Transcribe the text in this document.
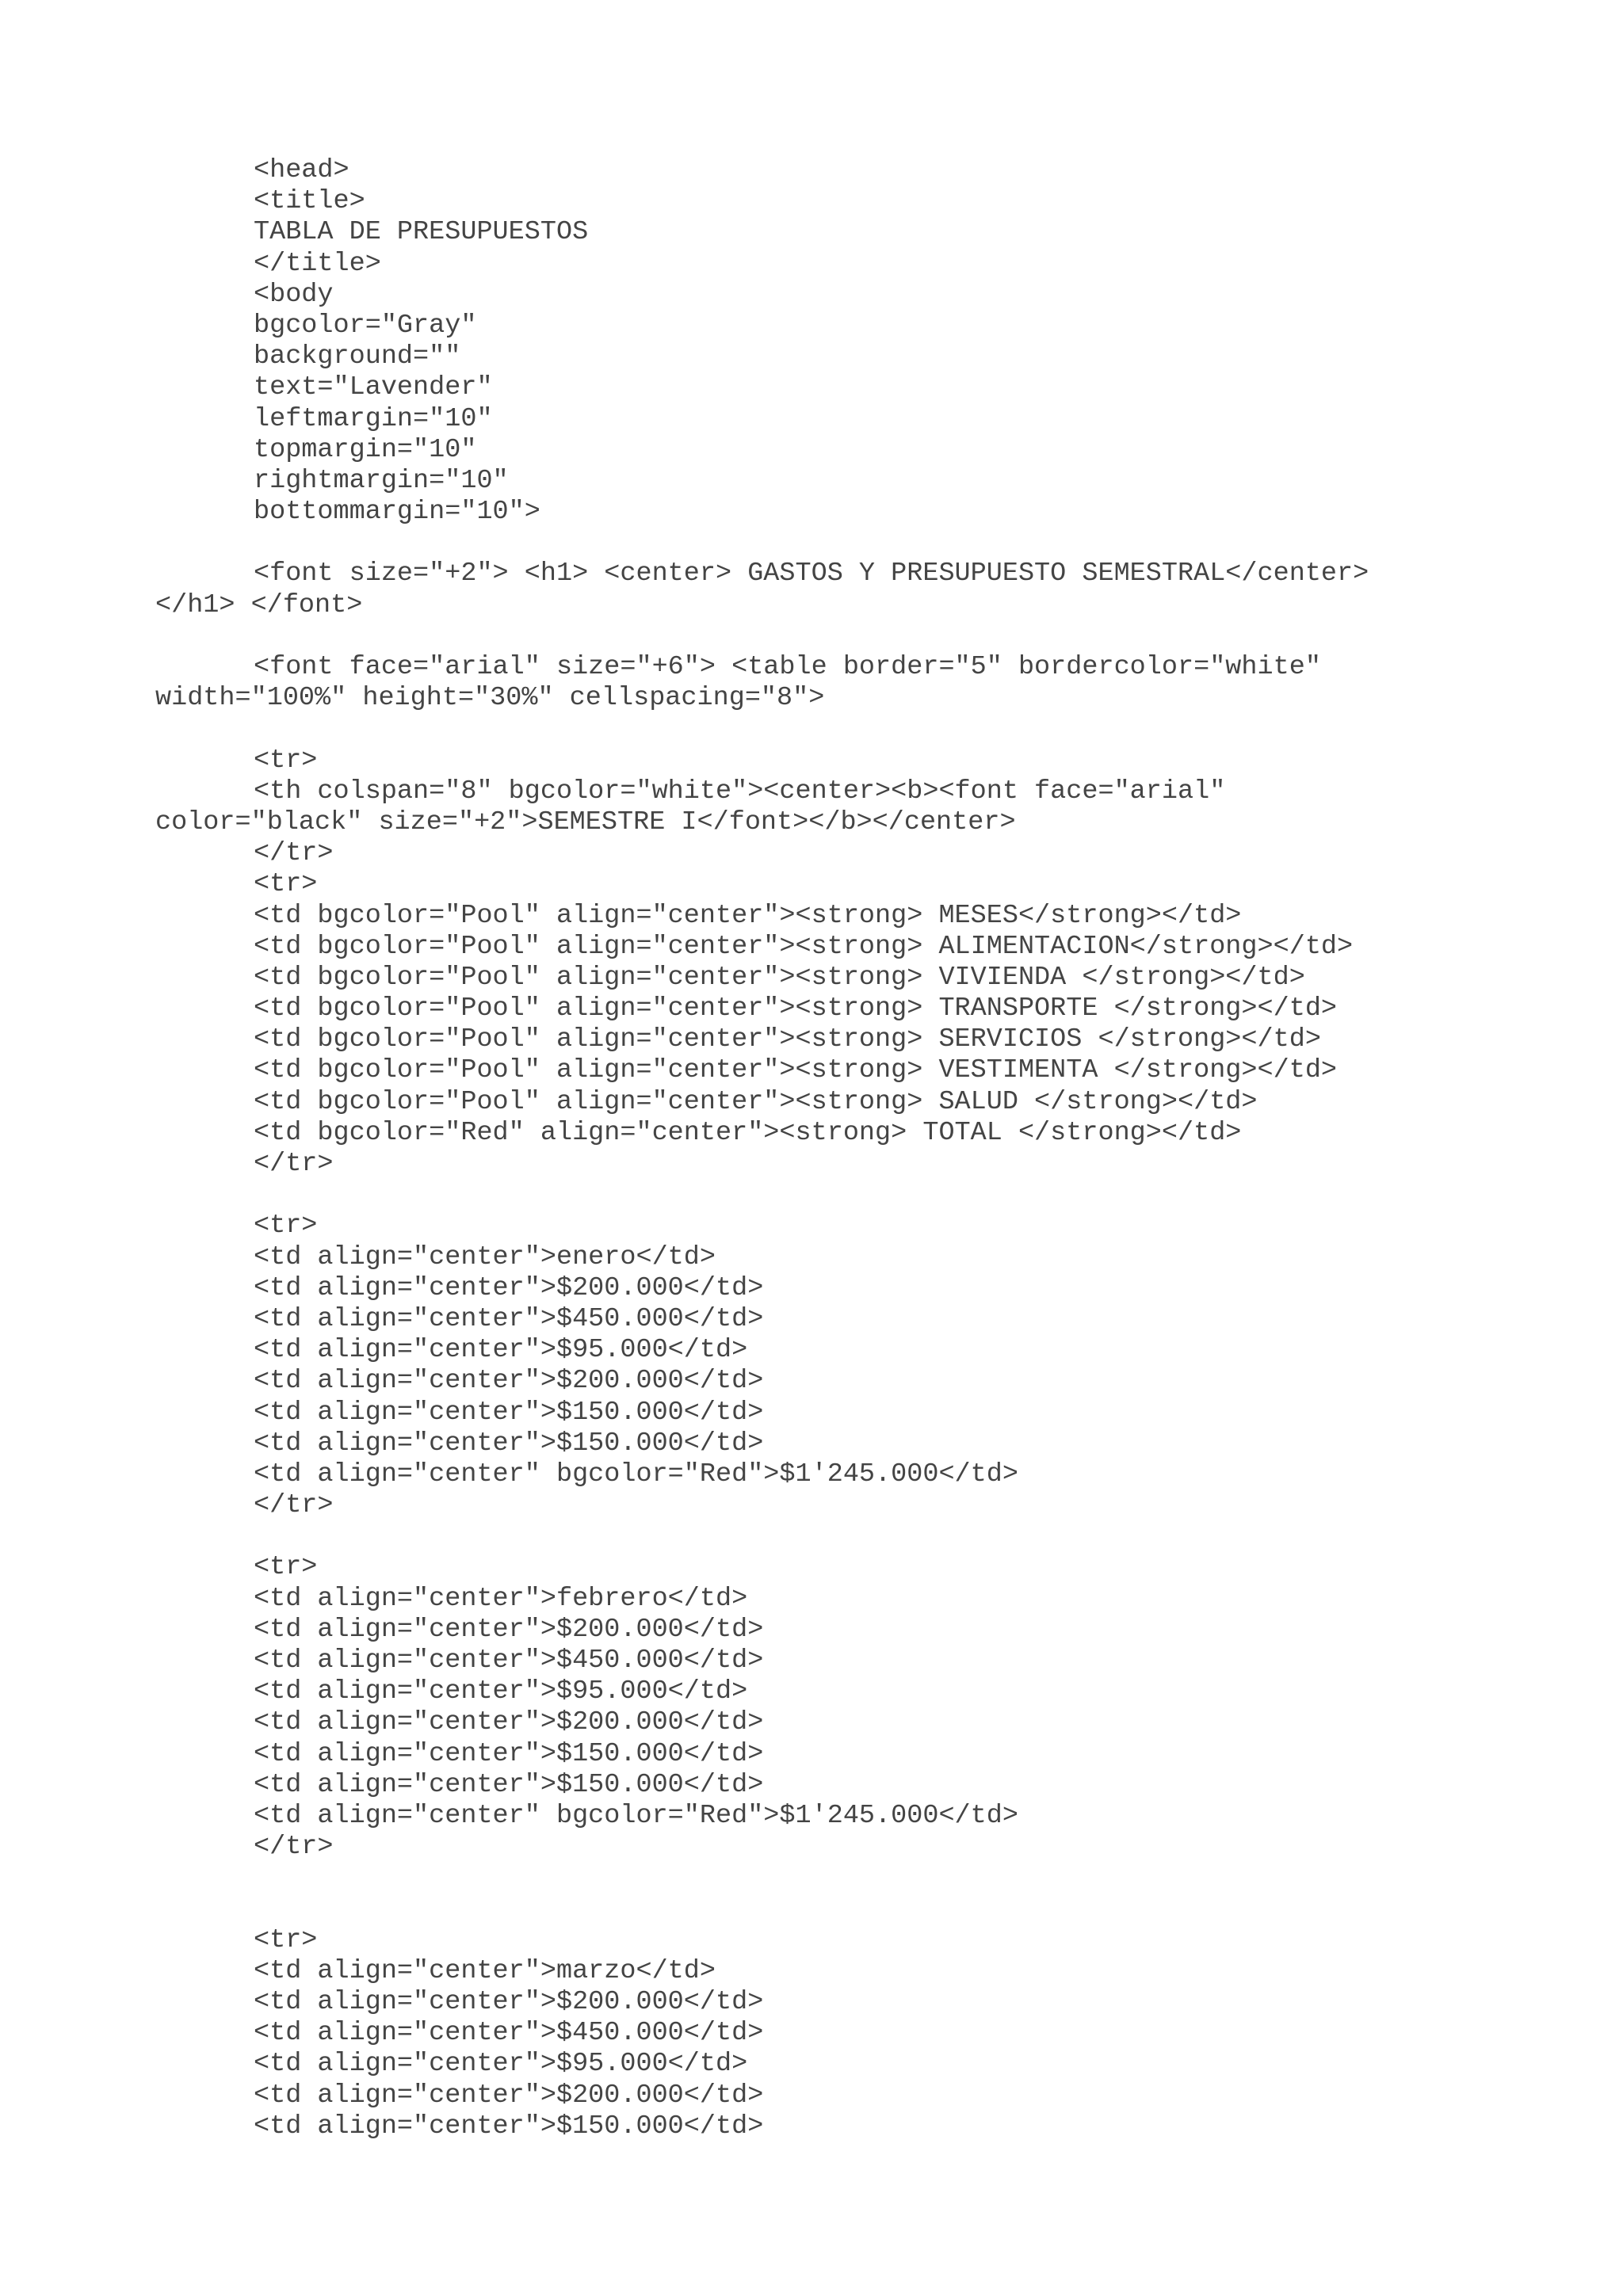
<head>
<title>
TABLA DE PRESUPUESTOS
</title>
<body
bgcolor="Gray"
background=""
text="Lavender"
leftmargin="10"
topmargin="10"
rightmargin="10"
bottommargin="10">
<font size="+2"> <h1> <center> GASTOS Y PRESUPUESTO SEMESTRAL</center>
</h1> </font>
<font face="arial" size="+6"> <table border="5" bordercolor="white"
width="100%" height="30%" cellspacing="8">
<tr>
<th colspan="8" bgcolor="white"><center><b><font face="arial"
color="black" size="+2">SEMESTRE I</font></b></center>
</tr>
<tr>
<td bgcolor="Pool" align="center"><strong> MESES</strong></td>
<td bgcolor="Pool" align="center"><strong> ALIMENTACION</strong></td>
<td bgcolor="Pool" align="center"><strong> VIVIENDA </strong></td>
<td bgcolor="Pool" align="center"><strong> TRANSPORTE </strong></td>
<td bgcolor="Pool" align="center"><strong> SERVICIOS </strong></td>
<td bgcolor="Pool" align="center"><strong> VESTIMENTA </strong></td>
<td bgcolor="Pool" align="center"><strong> SALUD </strong></td>
<td bgcolor="Red" align="center"><strong> TOTAL </strong></td>
</tr>
<tr>
<td align="center">enero</td>
<td align="center">$200.000</td>
<td align="center">$450.000</td>
<td align="center">$95.000</td>
<td align="center">$200.000</td>
<td align="center">$150.000</td>
<td align="center">$150.000</td>
<td align="center" bgcolor="Red">$1'245.000</td>
</tr>
<tr>
<td align="center">febrero</td>
<td align="center">$200.000</td>
<td align="center">$450.000</td>
<td align="center">$95.000</td>
<td align="center">$200.000</td>
<td align="center">$150.000</td>
<td align="center">$150.000</td>
<td align="center" bgcolor="Red">$1'245.000</td>
</tr>
<tr>
<td align="center">marzo</td>
<td align="center">$200.000</td>
<td align="center">$450.000</td>
<td align="center">$95.000</td>
<td align="center">$200.000</td>
<td align="center">$150.000</td>
